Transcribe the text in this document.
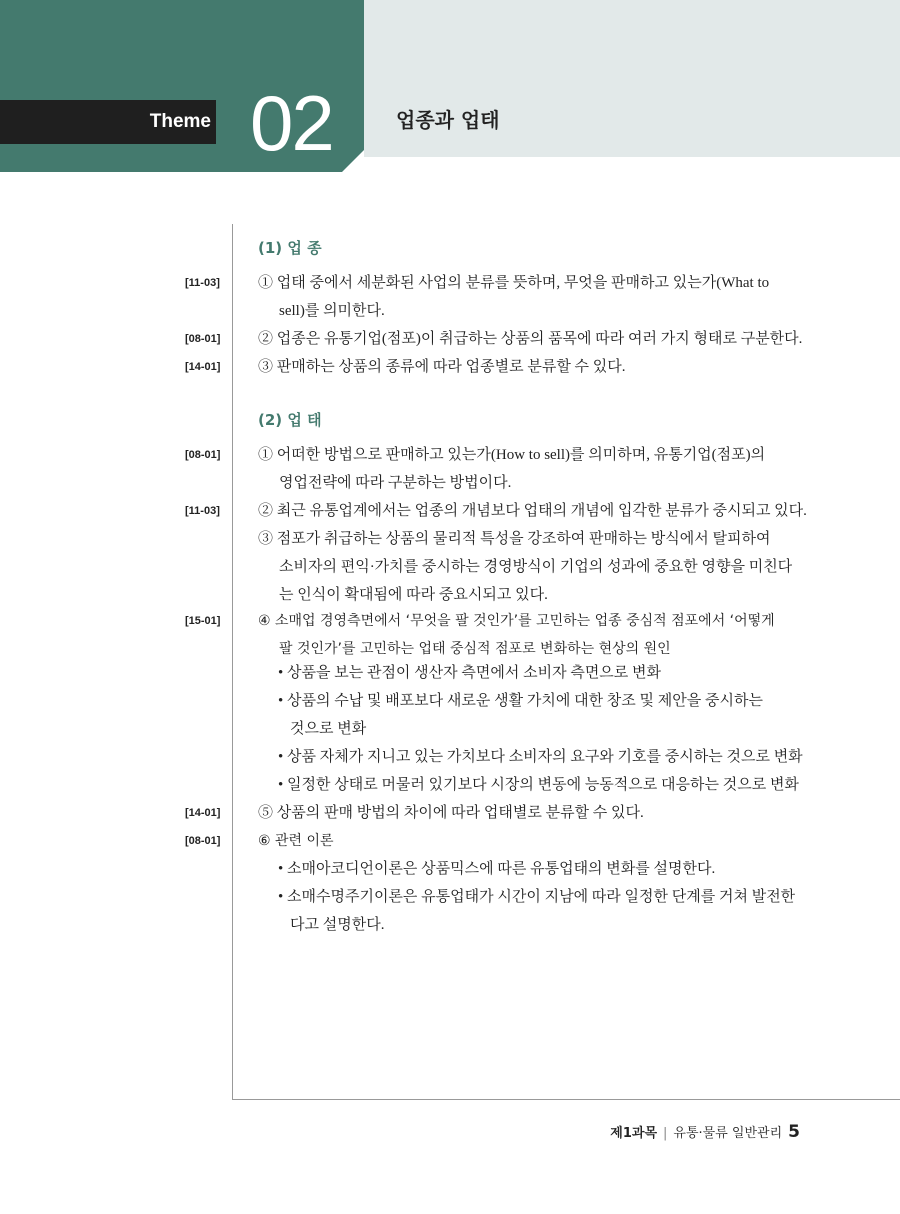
Theme 02	업종과 업태
(1) 업 종
[11-03]	① 업태 중에서 세분화된 사업의 분류를 뜻하며, 무엇을 판매하고 있는가(What to
sell)를 의미한다.
[08-01]	② 업종은 유통기업(점포)이 취급하는 상품의 품목에 따라 여러 가지 형태로 구분한다.
[14-01]	③ 판매하는 상품의 종류에 따라 업종별로 분류할 수 있다.
(2) 업 태
[08-01]	① 어떠한 방법으로 판매하고 있는가(How to sell)를 의미하며, 유통기업(점포)의
영업전략에 따라 구분하는 방법이다.
[11-03]	② 최근 유통업계에서는 업종의 개념보다 업태의 개념에 입각한 분류가 중시되고 있다.
③ 점포가 취급하는 상품의 물리적 특성을 강조하여 판매하는 방식에서 탈피하여
소비자의 편익·가치를 중시하는 경영방식이 기업의 성과에 중요한 영향을 미친다
는 인식이 확대됨에 따라 중요시되고 있다.
[15-01]	④ 소매업 경영측면에서 ‘무엇을 팔 것인가’를 고민하는 업종 중심적 점포에서 ‘어떻게
팔 것인가’를 고민하는 업태 중심적 점포로 변화하는 현상의 원인
• 상품을 보는 관점이 생산자 측면에서 소비자 측면으로 변화
• 상품의 수납 및 배포보다 새로운 생활 가치에 대한 창조 및 제안을 중시하는
것으로 변화
• 상품 자체가 지니고 있는 가치보다 소비자의 요구와 기호를 중시하는 것으로 변화
• 일정한 상태로 머물러 있기보다 시장의 변동에 능동적으로 대응하는 것으로 변화
[14-01]	⑤ 상품의 판매 방법의 차이에 따라 업태별로 분류할 수 있다.
[08-01]	⑥ 관련 이론
• 소매아코디언이론은 상품믹스에 따른 유통업태의 변화를 설명한다.
• 소매수명주기이론은 유통업태가 시간이 지남에 따라 일정한 단계를 거쳐 발전한
다고 설명한다.
제1과목 | 유통·물류 일반관리 5
